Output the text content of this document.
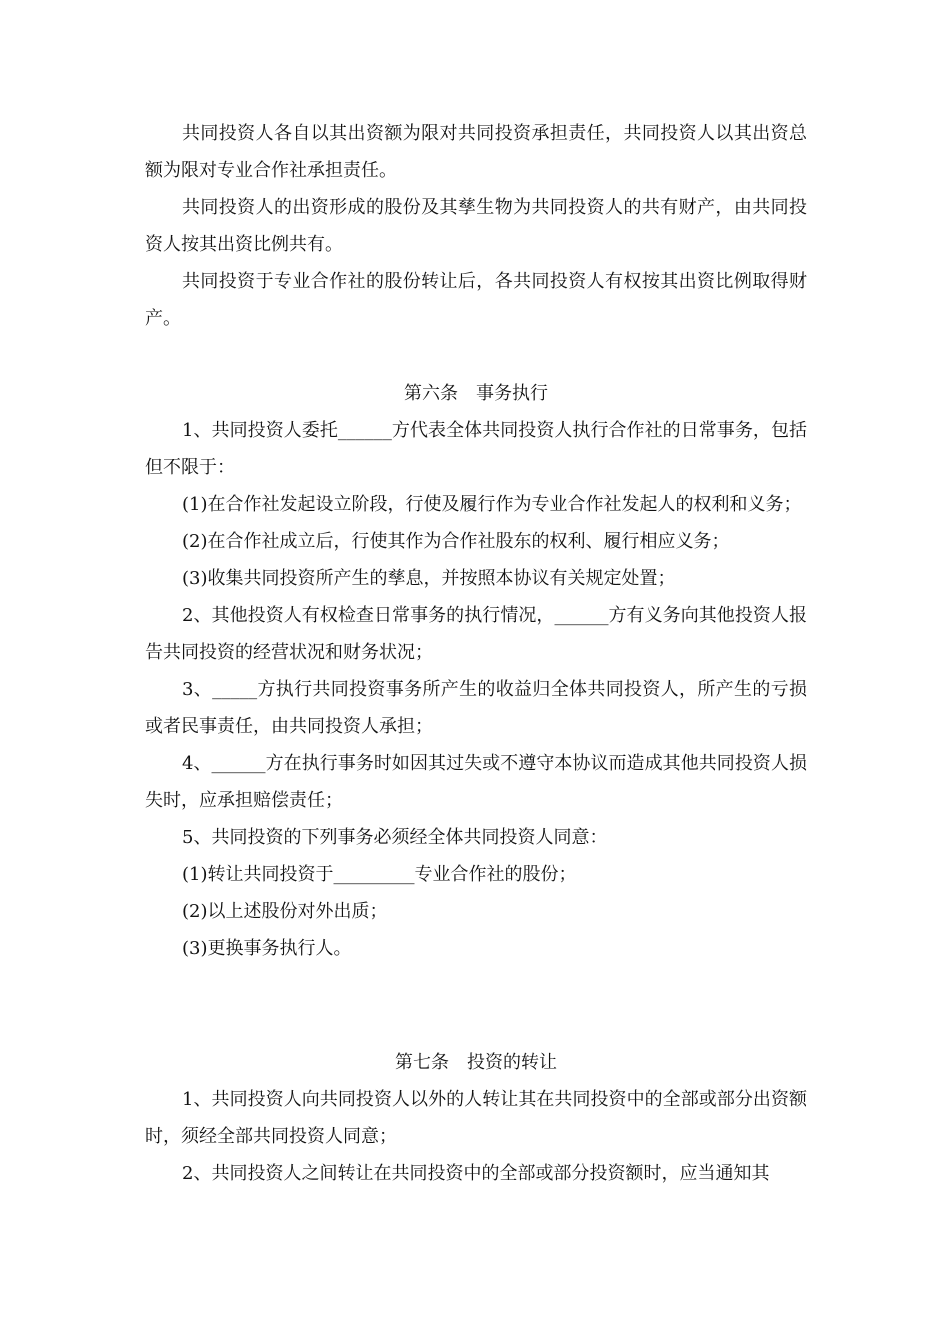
共同投资人各自以其出资额为限对共同投资承担责任，共同投资人以其出资总额为限对专业合作社承担责任。

共同投资人的出资形成的股份及其孳生物为共同投资人的共有财产，由共同投资人按其出资比例共有。

共同投资于专业合作社的股份转让后，各共同投资人有权按其出资比例取得财产。

第六条　事务执行

1、共同投资人委托______方代表全体共同投资人执行合作社的日常事务，包括但不限于：

(1)在合作社发起设立阶段，行使及履行作为专业合作社发起人的权利和义务；

(2)在合作社成立后，行使其作为合作社股东的权利、履行相应义务；

(3)收集共同投资所产生的孳息，并按照本协议有关规定处置；

2、其他投资人有权检查日常事务的执行情况，______方有义务向其他投资人报告共同投资的经营状况和财务状况；

3、_____方执行共同投资事务所产生的收益归全体共同投资人，所产生的亏损或者民事责任，由共同投资人承担；

4、______方在执行事务时如因其过失或不遵守本协议而造成其他共同投资人损失时，应承担赔偿责任；

5、共同投资的下列事务必须经全体共同投资人同意：

(1)转让共同投资于_________专业合作社的股份；

(2)以上述股份对外出质；

(3)更换事务执行人。

第七条　投资的转让

1、共同投资人向共同投资人以外的人转让其在共同投资中的全部或部分出资额时，须经全部共同投资人同意；

2、共同投资人之间转让在共同投资中的全部或部分投资额时，应当通知其
